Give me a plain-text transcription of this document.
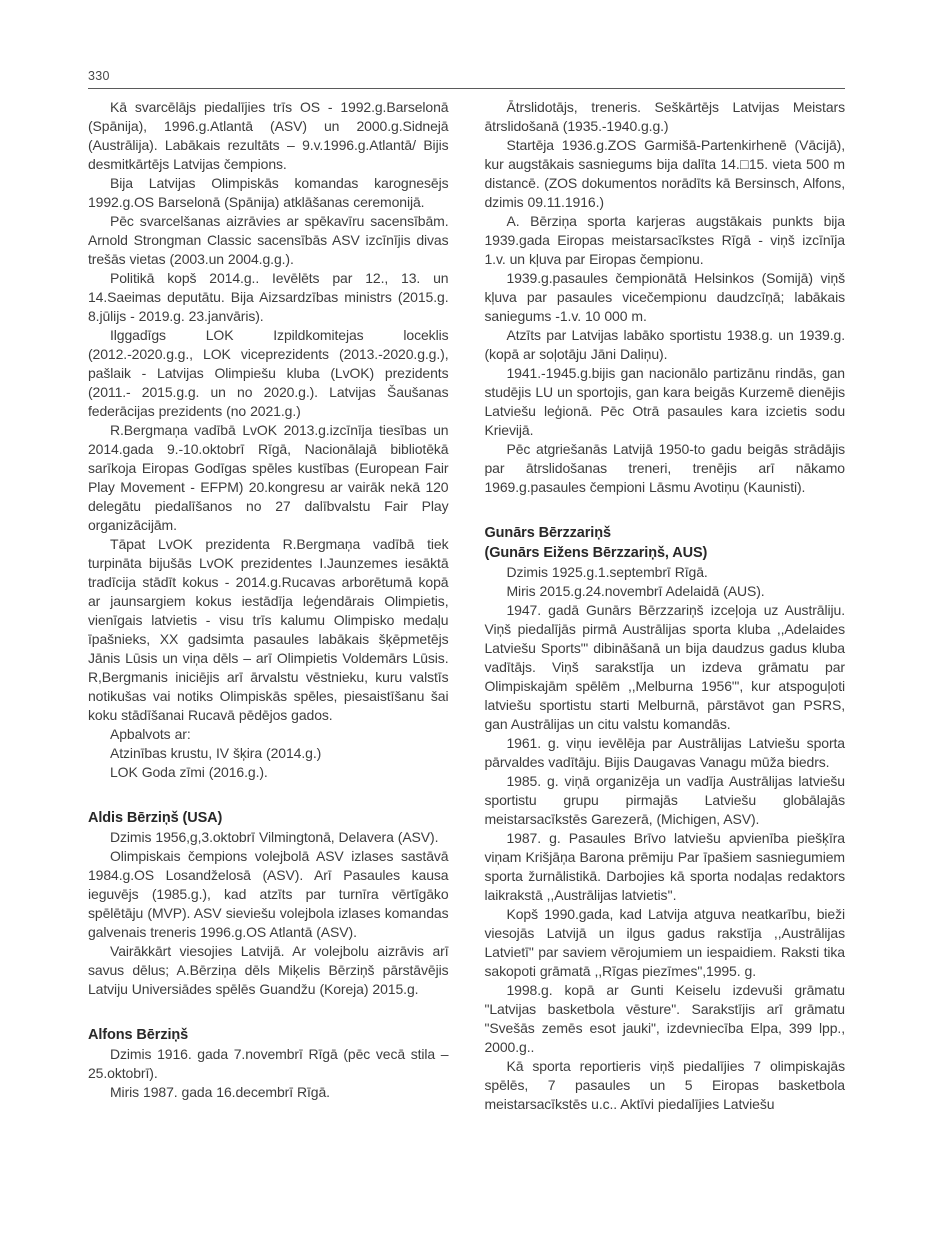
330

Kā svarcēlājs piedalījies trīs OS - 1992.g.Barselonā (Spānija), 1996.g.Atlantā (ASV) un 2000.g.Sidnejā (Austrālija). Labākais rezultāts – 9.v.1996.g.Atlantā/ Bijis desmitkārtējs Latvijas čempions.

Bija Latvijas Olimpiskās komandas karognesējs 1992.g.OS Barselonā (Spānija) atklāšanas ceremonijā.

Pēc svarcelšanas aizrāvies ar spēkavīru sacensībām. Arnold Strongman Classic sacensībās ASV izcīnījis divas trešās vietas (2003.un 2004.g.g.).

Politikā kopš 2014.g.. Ievēlēts par 12., 13. un 14.Saeimas deputātu. Bija Aizsardzības ministrs (2015.g. 8.jūlijs - 2019.g. 23.janvāris).

Ilggadīgs LOK Izpildkomitejas loceklis (2012.-2020.g.g., LOK viceprezidents (2013.-2020.g.g.), pašlaik - Latvijas Olimpiešu kluba (LvOK) prezidents (2011.- 2015.g.g. un no 2020.g.). Latvijas Šaušanas federācijas prezidents (no 2021.g.)

R.Bergmaņa vadībā LvOK 2013.g.izcīnīja tiesības un 2014.gada 9.-10.oktobrī Rīgā, Nacionālajā bibliotēkā sarīkoja Eiropas Godīgas spēles kustības (European Fair Play Movement - EFPM) 20.kongresu ar vairāk nekā 120 delegātu piedalīšanos no 27 dalībvalstu Fair Play organizācijām.

Tāpat LvOK prezidenta R.Bergmaņa vadībā tiek turpināta bijušās LvOK prezidentes I.Jaunzemes iesāktā tradīcija stādīt kokus - 2014.g.Rucavas arborētumā kopā ar jaunsargiem kokus iestādīja leģendārais Olimpietis, vienīgais latvietis - visu trīs kalumu Olimpisko medaļu īpašnieks, XX gadsimta pasaules labākais šķēpmetējs Jānis Lūsis un viņa dēls – arī Olimpietis Voldemārs Lūsis. R,Bergmanis iniciējis arī ārvalstu vēstnieku, kuru valstīs notikušas vai notiks Olimpiskās spēles, piesaistīšanu šai koku stādīšanai Rucavā pēdējos gados.

Apbalvots ar:

Atzinības krustu, IV šķira (2014.g.)

LOK Goda zīmi (2016.g.).

Aldis Bērziņš (USA)

Dzimis 1956,g,3.oktobrī Vilmingtonā, Delavera (ASV).

Olimpiskais čempions volejbolā ASV izlases sastāvā 1984.g.OS Losandželosā (ASV). Arī Pasaules kausa ieguvējs (1985.g.), kad atzīts par turnīra vērtīgāko spēlētāju (MVP). ASV sieviešu volejbola izlases komandas galvenais treneris 1996.g.OS Atlantā (ASV).

Vairākkārt viesojies Latvijā. Ar volejbolu aizrāvis arī savus dēlus; A.Bērziņa dēls Miķelis Bērziņš pārstāvējis Latviju Universiādes spēlēs Guandžu (Koreja) 2015.g.

Alfons Bērziņš

Dzimis 1916. gada 7.novembrī Rīgā (pēc vecā stila – 25.oktobrī).

Miris 1987. gada 16.decembrī Rīgā.

Ātrslidotājs, treneris. Seškārtējs Latvijas Meistars ātrslidošanā (1935.-1940.g.g.)

Startēja 1936.g.ZOS Garmišā-Partenkirhenē (Vācijā), kur augstākais sasniegums bija dalīta 14.□15. vieta 500 m distancē. (ZOS dokumentos norādīts kā Bersinsch, Alfons, dzimis 09.11.1916.)

A. Bērziņa sporta karjeras augstākais punkts bija 1939.gada Eiropas meistarsacīkstes Rīgā - viņš izcīnīja 1.v. un kļuva par Eiropas čempionu.

1939.g.pasaules čempionātā Helsinkos (Somijā) viņš kļuva par pasaules vicečempionu daudzcīņā; labākais saniegums -1.v. 10 000 m.

Atzīts par Latvijas labāko sportistu 1938.g. un 1939.g.(kopā ar soļotāju Jāni Daliņu).

1941.-1945.g.bijis gan nacionālo partizānu rindās, gan studējis LU un sportojis, gan kara beigās Kurzemē dienējis Latviešu leģionā. Pēc Otrā pasaules kara izcietis sodu Krievijā.

Pēc atgriešanās Latvijā 1950-to gadu beigās strādājis par ātrslidošanas treneri, trenējis arī nākamo 1969.g.pasaules čempioni Lāsmu Avotiņu (Kaunisti).

Gunārs Bērzzariņš
(Gunārs Eižens Bērzzariņš, AUS)

Dzimis 1925.g.1.septembrī Rīgā.

Miris 2015.g.24.novembrī Adelaidā (AUS).

1947. gadā Gunārs Bērzzariņš izceļoja uz Austrāliju. Viņš piedalījās pirmā Austrālijas sporta kluba ,,Adelaides Latviešu Sports"' dibināšanā un bija daudzus gadus kluba vadītājs. Viņš sarakstīja un izdeva grāmatu par Olimpiskajām spēlēm ,,Melburna 1956"', kur atspoguļoti latviešu sportistu starti Melburnā, pārstāvot gan PSRS, gan Austrālijas un citu valstu komandās.

1961. g. viņu ievēlēja par Austrālijas Latviešu sporta pārvaldes vadītāju. Bijis Daugavas Vanagu mūža biedrs.

1985. g. viņā organizēja un vadīja Austrālijas latviešu sportistu grupu pirmajās Latviešu globālajās meistarsacīkstēs Garezerā, (Michigen, ASV).

1987. g. Pasaules Brīvo latviešu apvienība piešķīra viņam Krišjāņa Barona prēmiju Par īpašiem sasniegumiem sporta žurnālistikā. Darbojies kā sporta nodaļas redaktors laikrakstā ,,Austrālijas latvietis''.

Kopš 1990.gada, kad Latvija atguva neatkarību, bieži viesojās Latvijā un ilgus gadus rakstīja ,,Austrālijas Latvietī" par saviem vērojumiem un iespaidiem. Raksti tika sakopoti grāmatā ,,Rīgas piezīmes",1995. g.

1998.g. kopā ar Gunti Keiselu izdevuši grāmatu "Latvijas basketbola vēsture". Sarakstījis arī grāmatu "Svešās zemēs esot jauki", izdevniecība Elpa, 399 lpp., 2000.g..

Kā sporta reportieris viņš piedalījies 7 olimpiskajās spēlēs, 7 pasaules un 5 Eiropas basketbola meistarsacīkstēs u.c.. Aktīvi piedalījies Latviešu
